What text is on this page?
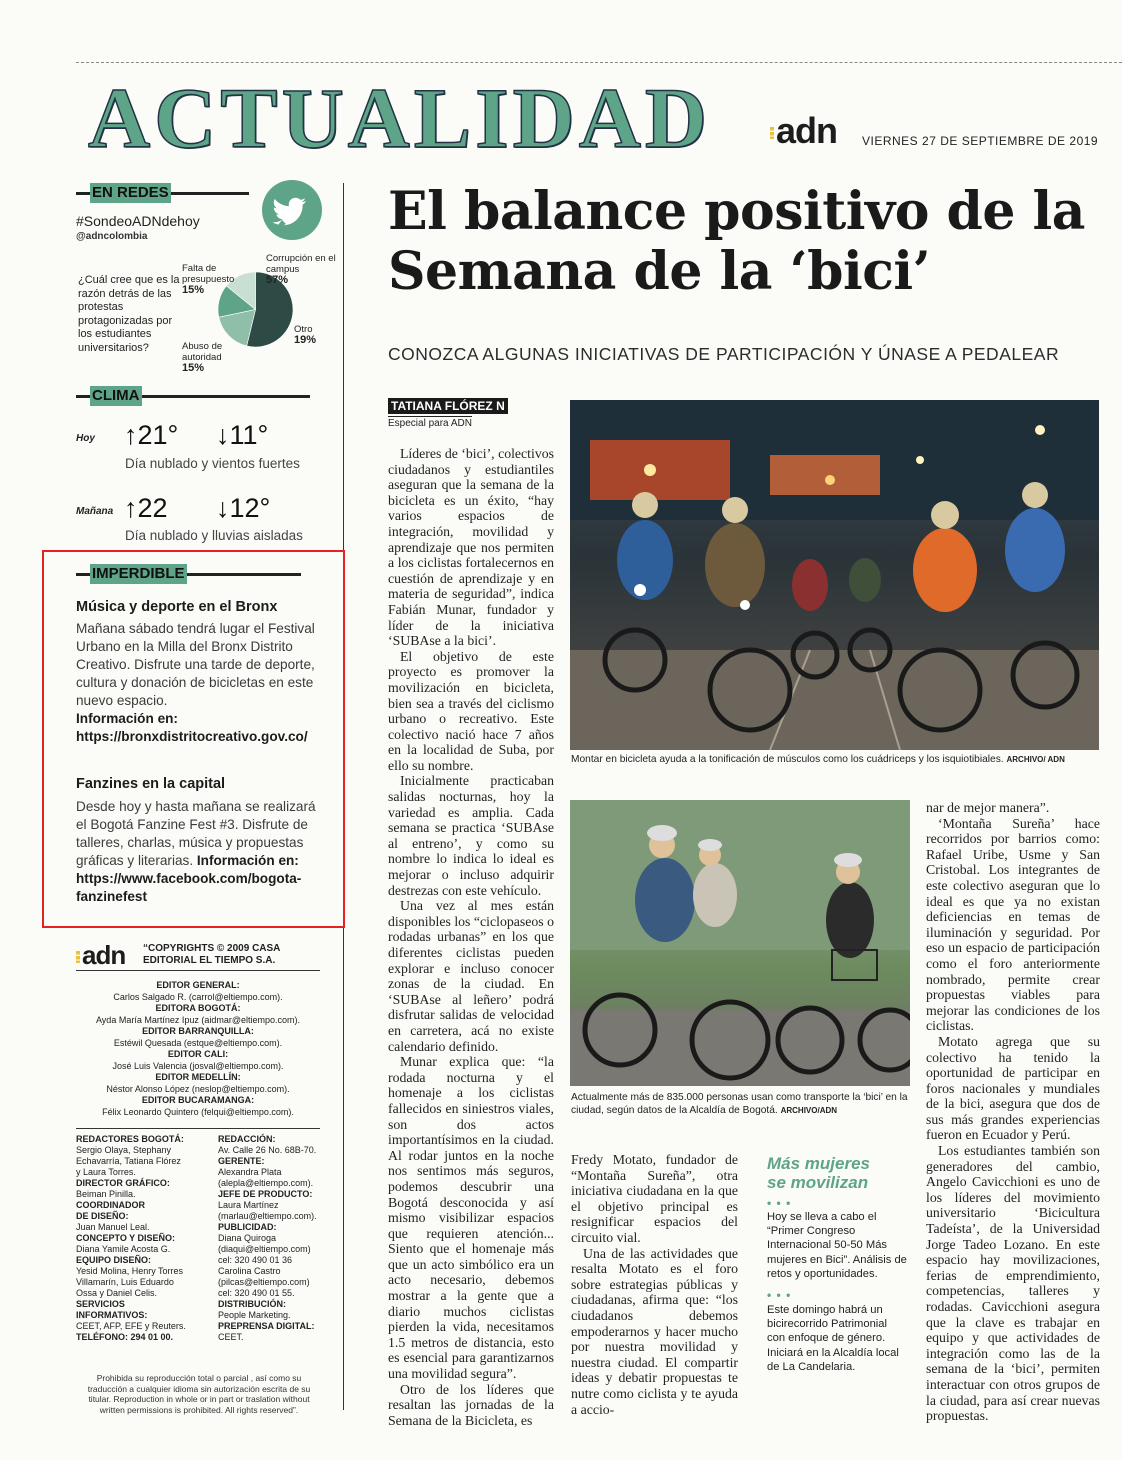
ACTUALIDAD adn VIERNES 27 DE SEPTIEMBRE DE 2019
EN REDES
#SondeoADNdehoy
@adncolombia
¿Cuál cree que es la razón detrás de las protestas protagonizadas por los estudiantes universitarios?
Corrupción en el campus
57%
Falta de presupuesto
15%
Otro
19%
Abuso de autoridad
15%
CLIMA
Hoy ↑21° ↓11°
Día nublado y vientos fuertes
Mañana ↑22 ↓12°
Día nublado y lluvias aisladas
IMPERDIBLE
Música y deporte en el Bronx
Mañana sábado tendrá lugar el Festival Urbano en la Milla del Bronx Distrito Creativo. Disfrute una tarde de deporte, cultura y donación de bicicletas en este nuevo espacio.
Información en:
https://bronxdistritocreativo.gov.co/
Fanzines en la capital
Desde hoy y hasta mañana se realizará el Bogotá Fanzine Fest #3. Disfrute de talleres, charlas, música y propuestas gráficas y literarias. Información en:
https://www.facebook.com/bogota-fanzinefest
adn “COPYRIGHTS © 2009 CASA EDITORIAL EL TIEMPO S.A.
EDITOR GENERAL:
Carlos Salgado R. (carrol@eltiempo.com).
EDITORA BOGOTÁ:
Ayda María Martínez Ipuz (aidmar@eltiempo.com).
EDITOR BARRANQUILLA:
Estéwil Quesada (estque@eltiempo.com).
EDITOR CALI:
José Luis Valencia (josval@eltiempo.com).
EDITOR MEDELLÍN:
Néstor Alonso López (neslop@eltiempo.com).
EDITOR BUCARAMANGA:
Félix Leonardo Quintero (felqui@eltiempo.com).
REDACTORES BOGOTÁ:
Sergio Olaya, Stephany
Echavarría, Tatiana Flórez
y Laura Torres.
DIRECTOR GRÁFICO:
Beiman Pinilla.
COORDINADOR
DE DISEÑO:
Juan Manuel Leal.
CONCEPTO Y DISEÑO:
Diana Yamile Acosta G.
EQUIPO DISEÑO:
Yesid Molina, Henry Torres
Villamarín, Luis Eduardo
Ossa y Daniel Celis.
SERVICIOS
INFORMATIVOS:
CEET, AFP, EFE y Reuters.
TELÉFONO: 294 01 00.
REDACCIÓN:
Av. Calle 26 No. 68B-70.
GERENTE:
Alexandra Plata
(alepla@eltiempo.com).
JEFE DE PRODUCTO:
Laura Martínez
(marlau@eltiempo.com).
PUBLICIDAD:
Diana Quiroga
(diaqui@eltiempo.com)
cel: 320 490 01 36
Carolina Castro
(pilcas@eltiempo.com)
cel: 320 490 01 55.
DISTRIBUCIÓN:
People Marketing.
PREPRENSA DIGITAL:
CEET.
Prohibida su reproducción total o parcial , así como su traducción a cualquier idioma sin autorización escrita de su titular. Reproduction in whole or in part or traslation without written permissions is prohibited. All rights reserved”.
El balance positivo de la Semana de la ‘bici’
CONOZCA ALGUNAS INICIATIVAS DE PARTICIPACIÓN Y ÚNASE A PEDALEAR
TATIANA FLÓREZ N
Especial para ADN

Líderes de ‘bici’, colectivos ciudadanos y estudiantiles aseguran que la semana de la bicicleta es un éxito, “hay varios espacios de integración, movilidad y aprendizaje que nos permiten a los ciclistas fortalecernos en cuestión de aprendizaje y en materia de seguridad”, indica Fabián Munar, fundador y líder de la iniciativa ‘SUBAse a la bici’.

El objetivo de este proyecto es promover la movilización en bicicleta, bien sea a través del ciclismo urbano o recreativo. Este colectivo nació hace 7 años en la localidad de Suba, por ello su nombre.

Inicialmente practicaban salidas nocturnas, hoy la variedad es amplia. Cada semana se practica ‘SUBAse al entreno’, y como su nombre lo indica lo ideal es mejorar o incluso adquirir destrezas con este vehículo.

Una vez al mes están disponibles los “ciclopaseos o rodadas urbanas” en los que diferentes ciclistas pueden explorar e incluso conocer zonas de la ciudad. En ‘SUBAse al leñero’ podrá disfrutar salidas de velocidad en carretera, acá no existe calendario definido.

Munar explica que: “la rodada nocturna y el homenaje a los ciclistas fallecidos en siniestros viales, son dos actos importantísimos en la ciudad. Al rodar juntos en la noche nos sentimos más seguros, podemos descubrir una Bogotá desconocida y así mismo visibilizar espacios que requieren atención... Siento que el homenaje más que un acto simbólico era un acto necesario, debemos mostrar a la gente que a diario muchos ciclistas pierden la vida, necesitamos 1.5 metros de distancia, esto es esencial para garantizarnos una movilidad segura”.

Otro de los líderes que resaltan las jornadas de la Semana de la Bicicleta, es

Fredy Motato, fundador de “Montaña Sureña”, otra iniciativa ciudadana en la que el objetivo principal es resignificar espacios del circuito vial.

Una de las actividades que resalta Motato es el foro sobre estrategias públicas y ciudadanas, afirma que: “los ciudadanos debemos empoderarnos y hacer mucho por nuestra movilidad y nuestra ciudad. El compartir ideas y debatir propuestas te nutre como ciclista y te ayuda a accio-

nar de mejor manera”.

‘Montaña Sureña’ hace recorridos por barrios como: Rafael Uribe, Usme y San Cristobal. Los integrantes de este colectivo aseguran que lo ideal es que ya no existan deficiencias en temas de iluminación y seguridad. Por eso un espacio de participación como el foro anteriormente nombrado, permite crear propuestas viables para mejorar las condiciones de los ciclistas.

Motato agrega que su colectivo ha tenido la oportunidad de participar en foros nacionales y mundiales de la bici, asegura que dos de sus más grandes experiencias fueron en Ecuador y Perú.

Los estudiantes también son generadores del cambio, Angelo Cavicchioni es uno de los líderes del movimiento universitario ‘Bicicultura Tadeísta’, de la Universidad Jorge Tadeo Lozano. En este espacio hay movilizaciones, ferias de emprendimiento, competencias, talleres y rodadas. Cavicchioni asegura que la clave es trabajar en equipo y que actividades de integración como las de la semana de la ‘bici’, permiten interactuar con otros grupos de la ciudad, para así crear nuevas propuestas.

Montar en bicicleta ayuda a la tonificación de músculos como los cuádriceps y los isquiotibiales. ARCHIVO/ ADN
Actualmente más de 835.000 personas usan como transporte la ‘bici’ en la ciudad, según datos de la Alcaldía de Bogotá. ARCHIVO/ADN
Más mujeres se movilizan
• • •
Hoy se lleva a cabo el “Primer Congreso Internacional 50-50 Más mujeres en Bici”. Análisis de retos y oportunidades.
• • •
Este domingo habrá un bicirecorrido Patrimonial con enfoque de género. Iniciará en la Alcaldía local de La Candelaria.
